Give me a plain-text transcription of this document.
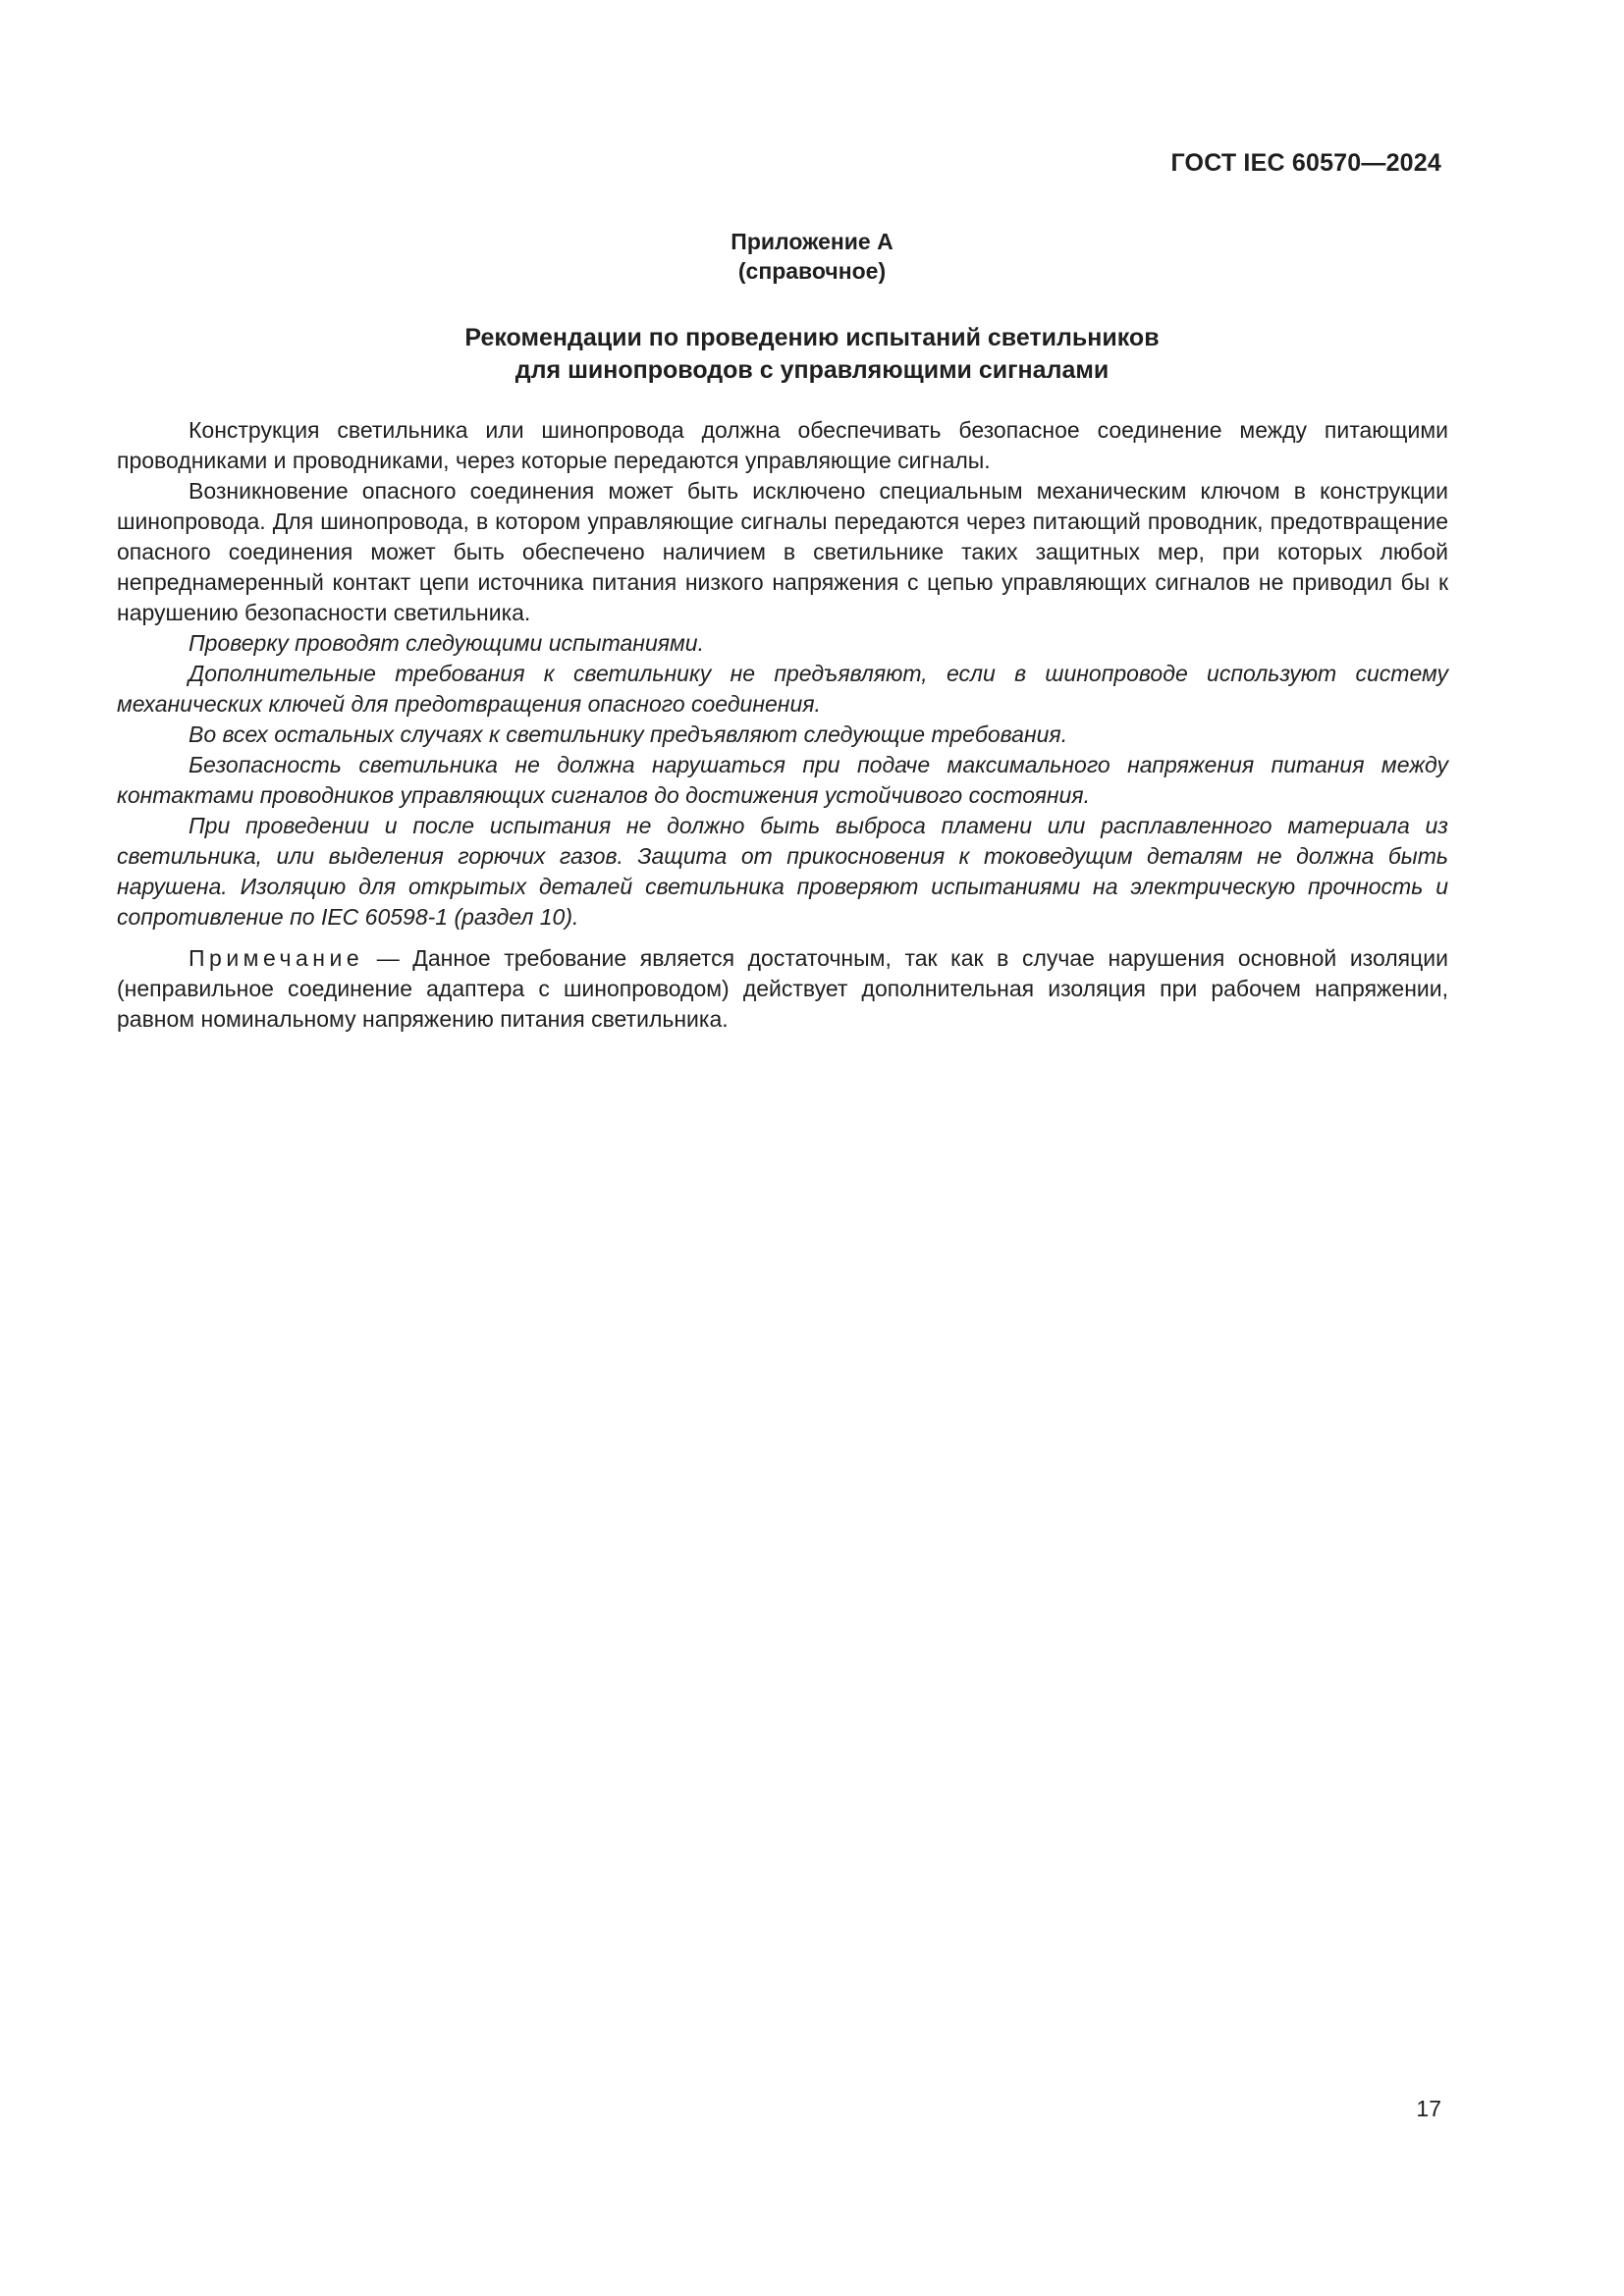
ГОСТ IEC 60570—2024
Приложение А
(справочное)
Рекомендации по проведению испытаний светильников
для шинопроводов с управляющими сигналами

Конструкция светильника или шинопровода должна обеспечивать безопасное соединение между питающими проводниками и проводниками, через которые передаются управляющие сигналы.

Возникновение опасного соединения может быть исключено специальным механическим ключом в конструкции шинопровода. Для шинопровода, в котором управляющие сигналы передаются через питающий проводник, предотвращение опасного соединения может быть обеспечено наличием в светильнике таких защитных мер, при которых любой непреднамеренный контакт цепи источника питания низкого напряжения с цепью управляющих сигналов не приводил бы к нарушению безопасности светильника.

Проверку проводят следующими испытаниями.

Дополнительные требования к светильнику не предъявляют, если в шинопроводе используют систему механических ключей для предотвращения опасного соединения.

Во всех остальных случаях к светильнику предъявляют следующие требования.

Безопасность светильника не должна нарушаться при подаче максимального напряжения питания между контактами проводников управляющих сигналов до достижения устойчивого состояния.

При проведении и после испытания не должно быть выброса пламени или расплавленного материала из светильника, или выделения горючих газов. Защита от прикосновения к токоведущим деталям не должна быть нарушена. Изоляцию для открытых деталей светильника проверяют испытаниями на электрическую прочность и сопротивление по IEC 60598-1 (раздел 10).

Примечание — Данное требование является достаточным, так как в случае нарушения основной изоляции (неправильное соединение адаптера с шинопроводом) действует дополнительная изоляция при рабочем напряжении, равном номинальному напряжению питания светильника.

17
